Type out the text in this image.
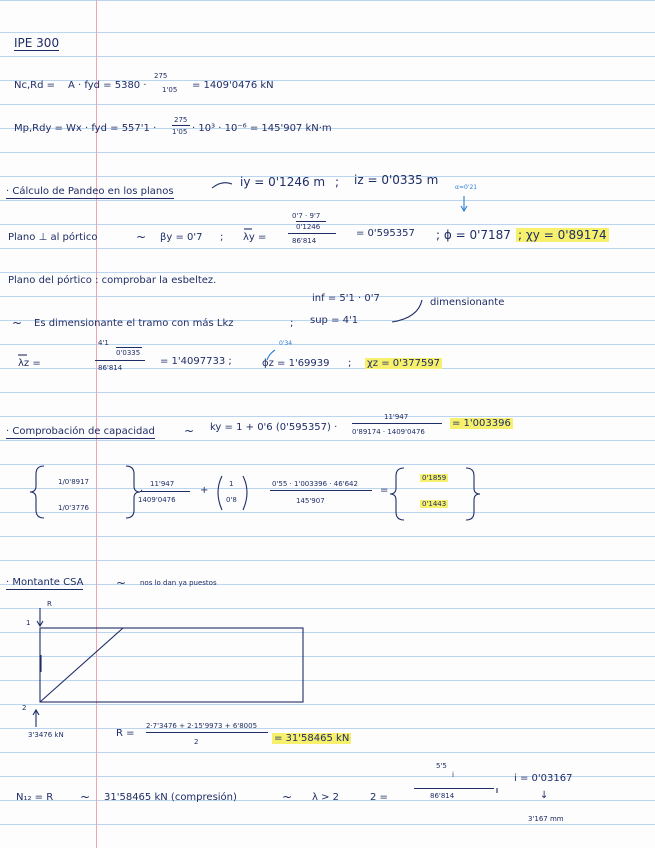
IPE 300
Nc,Rd = A · fyd = 5380 ·
275
1'05 = 1409'0476 kN
Mp,Rdy = Wx · fyd = 557'1 ·
275
1'05 · 10³ · 10⁻⁶ = 145'907 kN·m
· Cálculo de Pandeo en los planos
iy = 0'1246 m ; iz = 0'0335 m
α=0'21
Plano ⊥ al pórtico	~ βy = 0'7 ; λy =
0'7 · 9'7
0'1246
86'814
= 0'595357 ; ϕ = 0'7187 ; χy = 0'89174
Plano del pórtico : comprobar la esbeltez.
inf = 5'1 · 0'7	dimensionante
~ Es dimensionante el tramo con más Lkz	; sup = 4'1
λz =
4'1
0'0335
86'814
= 1'4097733 ;
0'34
ϕz = 1'69939 ; χz = 0'377597
· Comprobación de capacidad ~ ky = 1 + 0'6 (0'595357) ·
11'947
0'89174 · 1409'0476
= 1'003396
1/0'8917
1/0'3776
11'947
1409'0476
+
1
0'8
0'55 · 1'003396 · 46'642
145'907
=
0'1859
0'1443
· Montante CSA	~ nos lo dan ya puestos
R
1
2
3'3476 kN	R =
2·7'3476 + 2·15'9973 + 6'8005
2	= 31'58465 kN
N₁₂ = R ~ 31'58465 kN (compresión)	~ λ > 2	2 =
5'5
i
86'814
i = 0'03167
↓
3'167 mm
